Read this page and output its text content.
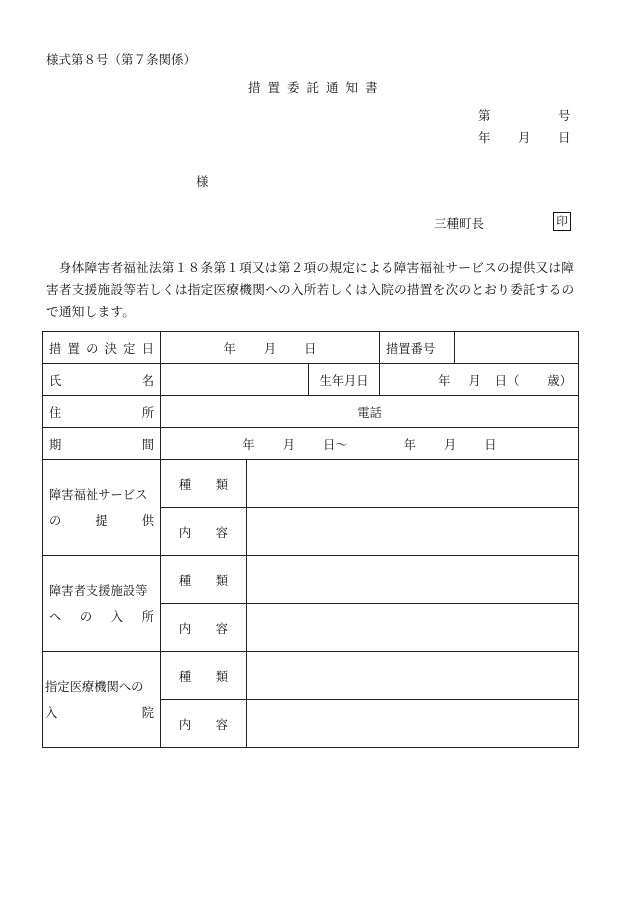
様式第８号（第７条関係）
措置委託通知書
第	号
年 月 日
様
三種町長	印
身体障害者福祉法第１８条第１項又は第２項の規定による障害福祉サービスの提供又は障害者支援施設等若しくは指定医療機関への入所若しくは入院の措置を次のとおり委託するので通知します。
措置の決定日	年 月 日			措置番号	

氏 名			生年月日	年 月 日（ 歳）	

住 所	電話				

期 間	年 月 日～ 年 月 日				
障害福祉サービス
の　提　供	種　　類				
	内　　容				
障害者支援施設等
へ　の　入　所	種　　類				
	内　　容				
指定医療機関への
入　　　　　院	種　　類				
	内　　容				
